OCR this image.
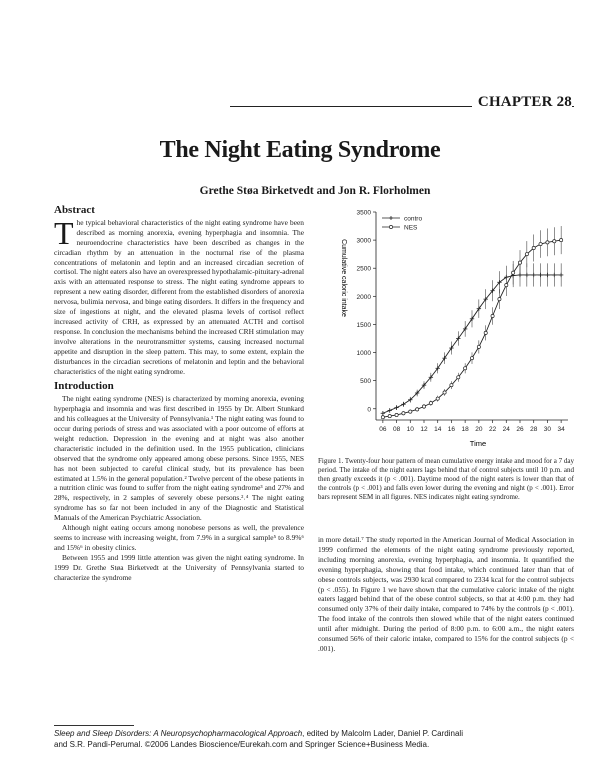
CHAPTER 28
The Night Eating Syndrome
Grethe Støa Birketvedt and Jon R. Florholmen
Abstract

The typical behavioral characteristics of the night eating syndrome have been described as morning anorexia, evening hyperphagia and insomnia. The neuroendocrine characteristics have been described as changes in the circadian rhythm by an attenuation in the nocturnal rise of the plasma concentrations of melatonin and leptin and an increased circadian secretion of cortisol. The night eaters also have an overexpressed hypothalamic-pituitary-adrenal axis with an attenuated response to stress. The night eating syndrome appears to represent a new eating disorder, different from the established disorders of anorexia nervosa, bulimia nervosa, and binge eating disorders. It differs in the frequency and size of ingestions at night, and the elevated plasma levels of cortisol reflect increased activity of CRH, as expressed by an attenuated ACTH and cortisol response. In conclusion the mechanisms behind the increased CRH stimulation may involve alterations in the neurotransmitter systems, causing increased nocturnal appetite and disruption in the sleep pattern. This may, to some extent, explain the disturbances in the circadian secretions of melatonin and leptin and the behavioral characteristics of the night eating syndrome.

Introduction

The night eating syndrome (NES) is characterized by morning anorexia, evening hyperphagia and insomnia and was first described in 1955 by Dr. Albert Stunkard and his colleagues at the University of Pennsylvania.¹ The night eating was found to occur during periods of stress and was associated with a poor outcome of efforts at weight reduction. Depression in the evening and at night was also another characteristic included in the definition used. In the 1955 publication, clinicians observed that the syndrome only appeared among obese persons. Since 1955, NES has not been subjected to careful clinical study, but its prevalence has been estimated at 1.5% in the general population.² Twelve percent of the obese patients in a nutrition clinic was found to suffer from the night eating syndrome³ and 27% and 28%, respectively, in 2 samples of severely obese persons.²˒⁴ The night eating syndrome has so far not been included in any of the Diagnostic and Statistical Manuals of the American Psychiatric Association.

Although night eating occurs among nonobese persons as well, the prevalence seems to increase with increasing weight, from 7.9% in a surgical sample⁵ to 8.9%⁶ and 15%⁶ in obesity clinics.

Between 1955 and 1999 little attention was given the night eating syndrome. In 1999 Dr. Grethe Støa Birketvedt at the University of Pennsylvania started to characterize the syndrome

0
500
1000
1500
2000
2500
3000
3500
06 08 10 12 14 16 18 20 22 24 26 28 30 34
contro
NES
Cumulative caloric intake
Time
Figure 1. Twenty-four hour pattern of mean cumulative energy intake and mood for a 7 day period. The intake of the night eaters lags behind that of control subjects until 10 p.m. and then greatly exceeds it (p < .001). Daytime mood of the night eaters is lower than that of the controls (p < .001) and falls even lower during the evening and night (p < .001). Error bars represent SEM in all figures. NES indicates night eating syndrome.

in more detail.⁷ The study reported in the American Journal of Medical Association in 1999 confirmed the elements of the night eating syndrome previously reported, including morning anorexia, evening hyperphagia, and insomnia. It quantified the evening hyperphagia, showing that food intake, which continued later than that of obese controls subjects, was 2930 kcal compared to 2334 kcal for the control subjects (p < .055). In Figure 1 we have shown that the cumulative caloric intake of the night eaters lagged behind that of the obese control subjects, so that at 4:00 p.m. they had consumed only 37% of their daily intake, compared to 74% by the controls (p < .001). The food intake of the controls then slowed while that of the night eaters continued until after midnight. During the period of 8:00 p.m. to 6:00 a.m., the night eaters consumed 56% of their caloric intake, compared to 15% for the control subjects (p < .001).

Sleep and Sleep Disorders: A Neuropsychopharmacological Approach, edited by Malcolm Lader, Daniel P. Cardinali
and S.R. Pandi-Perumal. ©2006 Landes Bioscience/Eurekah.com and Springer Science+Business Media.
